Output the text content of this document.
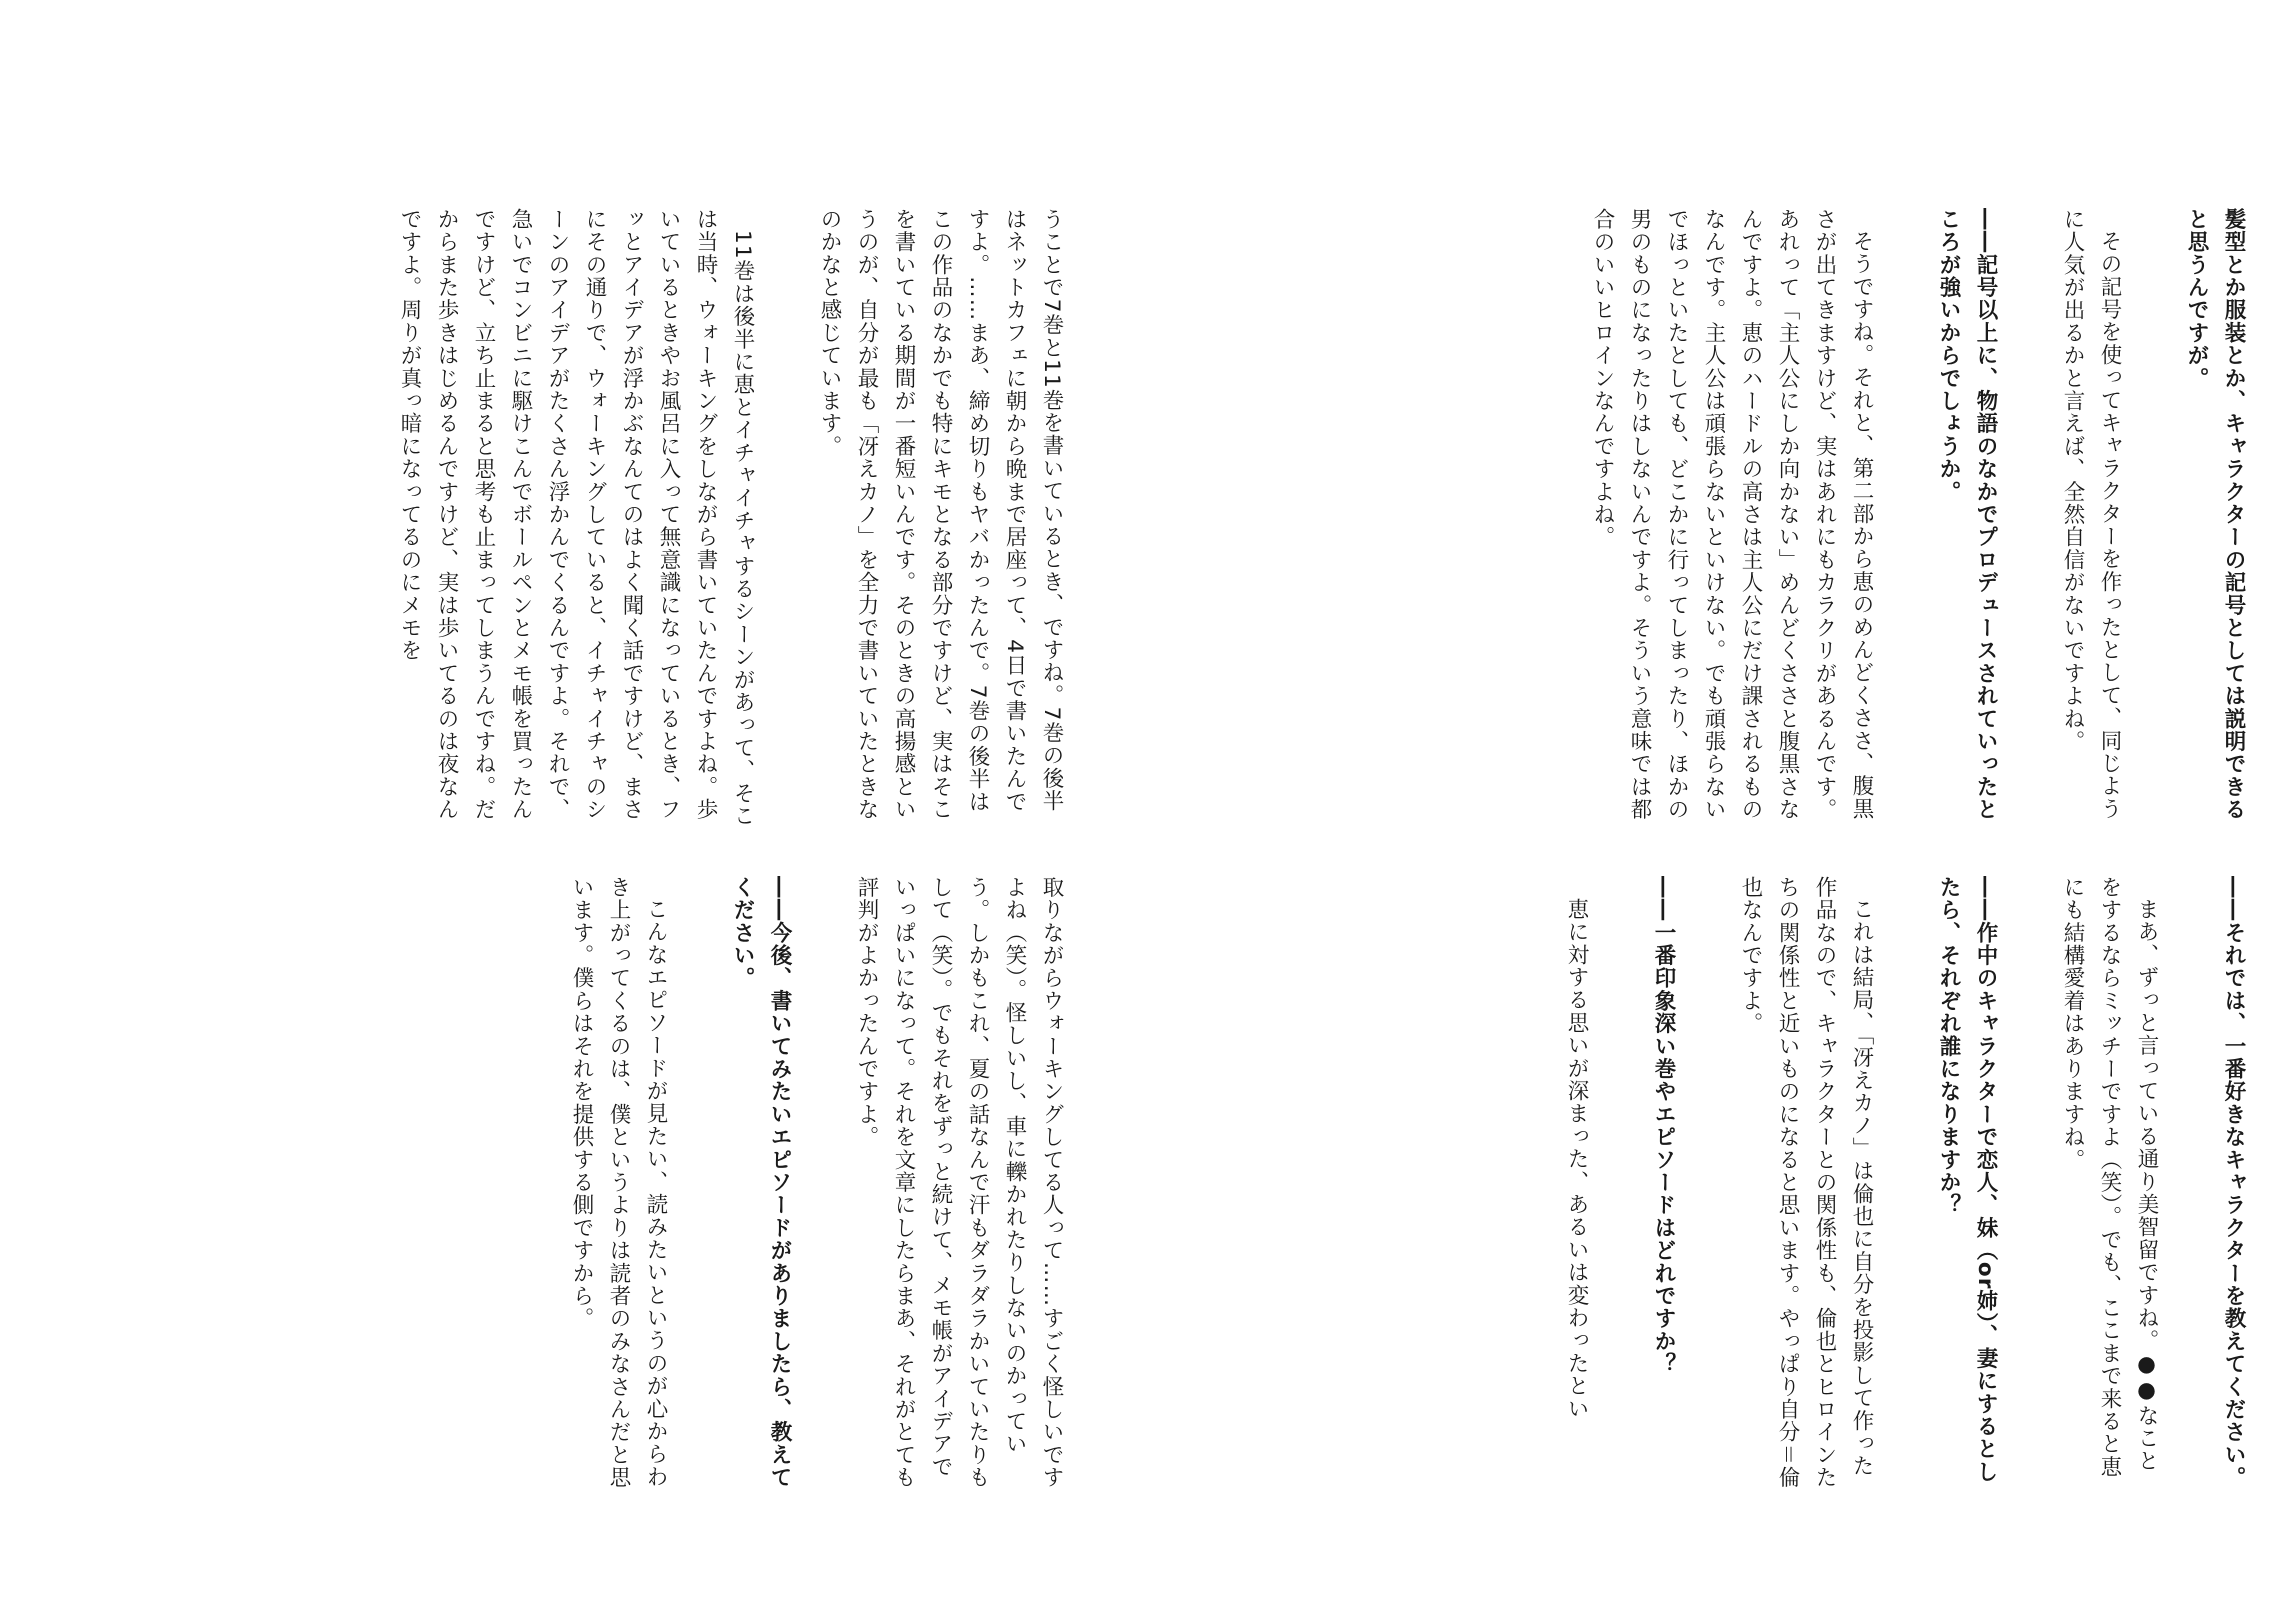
髪型とか服装とか、キャラクターの記号としては説明できると思うんですが。

その記号を使ってキャラクターを作ったとして、同じように人気が出るかと言えば、全然自信がないですよね。

――記号以上に、物語のなかでプロデュースされていったところが強いからでしょうか。

そうですね。それと、第二部から恵のめんどくささ、腹黒さが出てきますけど、実はあれにもカラクリがあるんです。あれって「主人公にしか向かない」めんどくささと腹黒さなんですよ。恵のハードルの高さは主人公にだけ課されるものなんです。主人公は頑張らないといけない。でも頑張らないでほっといたとしても、どこかに行ってしまったり、ほかの男のものになったりはしないんですよ。そういう意味では都合のいいヒロインなんですよね。

――それでは、一番好きなキャラクターを教えてください。

まあ、ずっと言っている通り美智留ですね。●●なことをするならミッチーですよ（笑）。でも、ここまで来ると恵にも結構愛着はありますね。

――作中のキャラクターで恋人、妹（or姉）、妻にするとしたら、それぞれ誰になりますか？

これは結局、「冴えカノ」は倫也に自分を投影して作った作品なので、キャラクターとの関係性も、倫也とヒロインたちの関係性と近いものになると思います。やっぱり自分＝倫也なんですよ。

――一番印象深い巻やエピソードはどれですか？

恵に対する思いが深まった、あるいは変わったとい

うことで7巻と11巻を書いているとき、ですね。7巻の後半はネットカフェに朝から晩まで居座って、4日で書いたんですよ。……まあ、締め切りもヤバかったんで。7巻の後半はこの作品のなかでも特にキモとなる部分ですけど、実はそこを書いている期間が一番短いんです。そのときの高揚感というのが、自分が最も「冴えカノ」を全力で書いていたときなのかなと感じています。

11巻は後半に恵とイチャイチャするシーンがあって、そこは当時、ウォーキングをしながら書いていたんですよね。歩いているときやお風呂に入って無意識になっているとき、フッとアイデアが浮かぶなんてのはよく聞く話ですけど、まさにその通りで、ウォーキングしていると、イチャイチャのシーンのアイデアがたくさん浮かんでくるんですよ。それで、急いでコンビニに駆けこんでボールペンとメモ帳を買ったんですけど、立ち止まると思考も止まってしまうんですね。だからまた歩きはじめるんですけど、実は歩いてるのは夜なんですよ。周りが真っ暗になってるのにメモを

取りながらウォーキングしてる人って……すごく怪しいですよね（笑）。怪しいし、車に轢かれたりしないのかっていう。しかもこれ、夏の話なんで汗もダラダラかいていたりもして（笑）。でもそれをずっと続けて、メモ帳がアイデアでいっぱいになって。それを文章にしたらまあ、それがとても評判がよかったんですよ。

――今後、書いてみたいエピソードがありましたら、教えてください。

こんなエピソードが見たい、読みたいというのが心からわき上がってくるのは、僕というよりは読者のみなさんだと思います。僕らはそれを提供する側ですから。
